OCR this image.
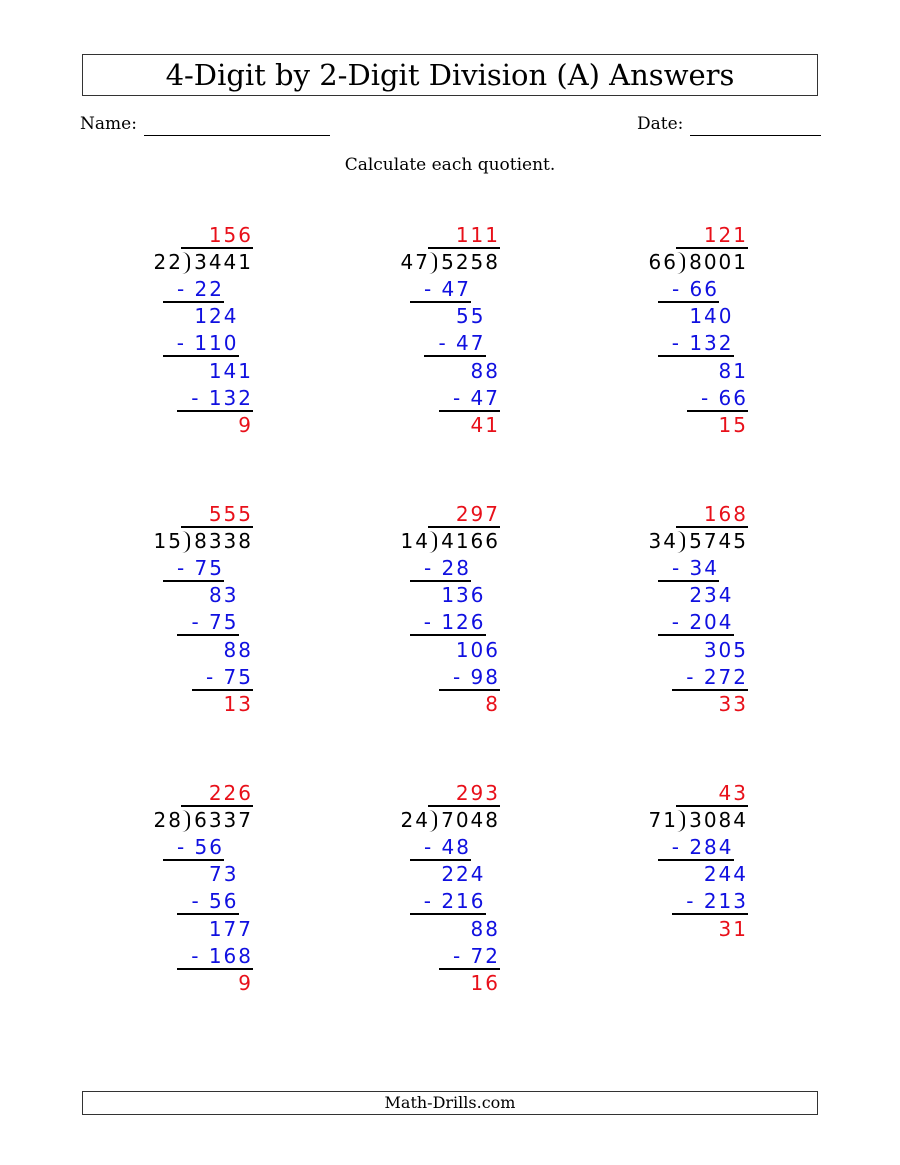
4-Digit by 2-Digit Division (A) Answers
Name:	Date:
Calculate each quotient.
156
3441
22
- 22
124
- 110
141
- 132
9
111
5258
47
- 47
55
- 47
88
- 47
41
121
8001
66
- 66
140
- 132
81
- 66
15
555
8338
15
- 75
83
- 75
88
- 75
13
297
4166
14
- 28
136
- 126
106
- 98
8
168
5745
34
- 34
234
- 204
305
- 272
33
226
6337
28
- 56
73
- 56
177
- 168
9
293
7048
24
- 48
224
- 216
88
- 72
16
43
3084
71
- 284
244
- 213
31
Math-Drills.com
